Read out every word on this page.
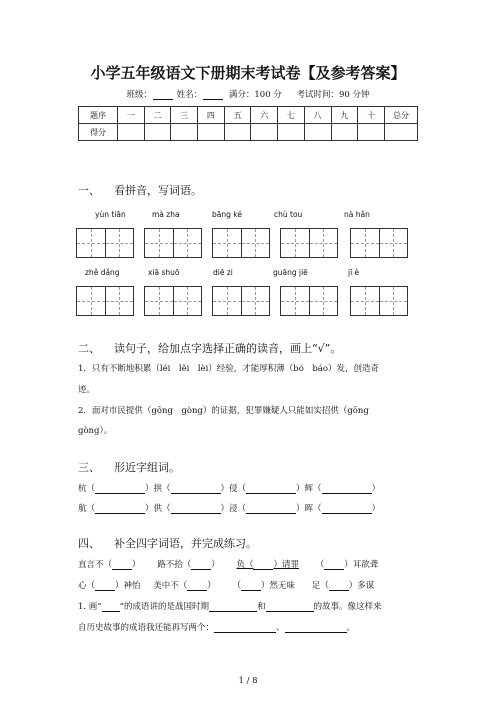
小学五年级语文下册期末考试卷【及参考答案】
班级：	姓名：	满分：100 分 考试时间：90 分钟
题序	一	二	三	四	五	六	七	八	九	十	总分
得分											
一、 看拼音，写词语。
yùn tiān	mà zha	bāng ké	chù tou	nà hǎn
zhě dǎng	xiā shuō	diē zi	guāng jiē	jī è
二、 读句子，给加点字选择正确的读音，画上“√”。
1．只有不断地积累（léi　lěi　lèi）经验，才能厚积薄（bó　báo）发，创造奇
迹。
2．面对市民提供（gōng　gòng）的证据，犯罪嫌疑人只能如实招供（gōng
gòng）。
三、 形近字组词。
杭（	）拱（	）侵（	）辉（	）
航（	）供（	）浸（	）晖（	）
四、 补全四字词语，并完成练习。
直言不（ ） 路不拾（ ） 负（ ）请罪 （ ）耳欲聋
心（ ）神怡 美中不（ ） （ ）然无味 足（ ）多谋
1. 画“ ”的成语讲的是战国时期	和	的故事。像这样来
自历史故事的成语我还能再写两个：	、	。
1 / 8
